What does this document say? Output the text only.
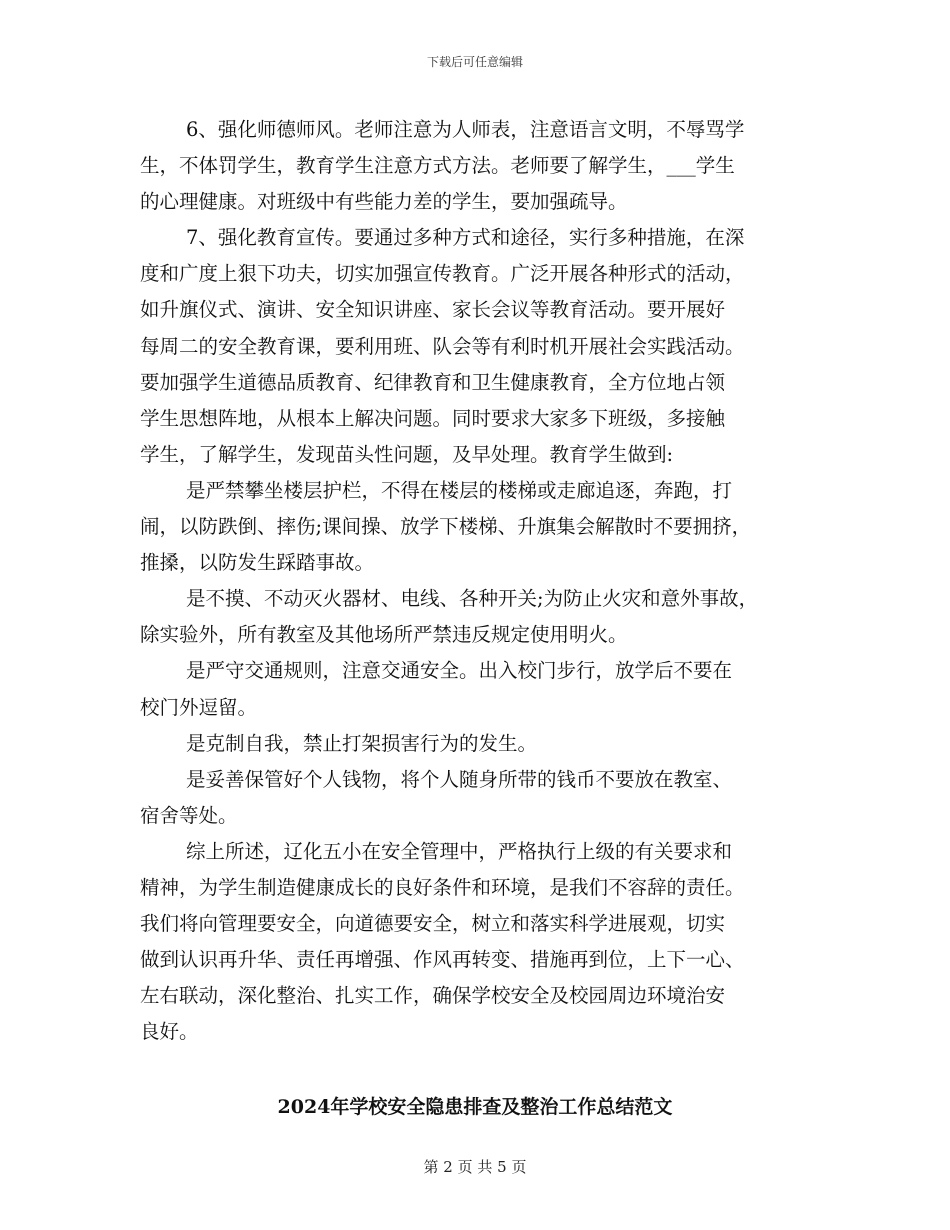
下载后可任意编辑
6、强化师德师风。老师注意为人师表，注意语言文明，不辱骂学
生，不体罚学生，教育学生注意方式方法。老师要了解学生，___学生
的心理健康。对班级中有些能力差的学生，要加强疏导。
7、强化教育宣传。要通过多种方式和途径，实行多种措施，在深
度和广度上狠下功夫，切实加强宣传教育。广泛开展各种形式的活动，
如升旗仪式、演讲、安全知识讲座、家长会议等教育活动。要开展好
每周二的安全教育课，要利用班、队会等有利时机开展社会实践活动。
要加强学生道德品质教育、纪律教育和卫生健康教育，全方位地占领
学生思想阵地，从根本上解决问题。同时要求大家多下班级，多接触
学生，了解学生，发现苗头性问题，及早处理。教育学生做到:
是严禁攀坐楼层护栏，不得在楼层的楼梯或走廊追逐，奔跑，打
闹，以防跌倒、摔伤;课间操、放学下楼梯、升旗集会解散时不要拥挤，
推搡，以防发生踩踏事故。
是不摸、不动灭火器材、电线、各种开关;为防止火灾和意外事故，
除实验外，所有教室及其他场所严禁违反规定使用明火。
是严守交通规则，注意交通安全。出入校门步行，放学后不要在
校门外逗留。
是克制自我，禁止打架损害行为的发生。
是妥善保管好个人钱物，将个人随身所带的钱币不要放在教室、
宿舍等处。
综上所述，辽化五小在安全管理中，严格执行上级的有关要求和
精神，为学生制造健康成长的良好条件和环境，是我们不容辞的责任。
我们将向管理要安全，向道德要安全，树立和落实科学进展观，切实
做到认识再升华、责任再增强、作风再转变、措施再到位，上下一心、
左右联动，深化整治、扎实工作，确保学校安全及校园周边环境治安
良好。
2024年学校安全隐患排查及整治工作总结范文
第 2 页 共 5 页
